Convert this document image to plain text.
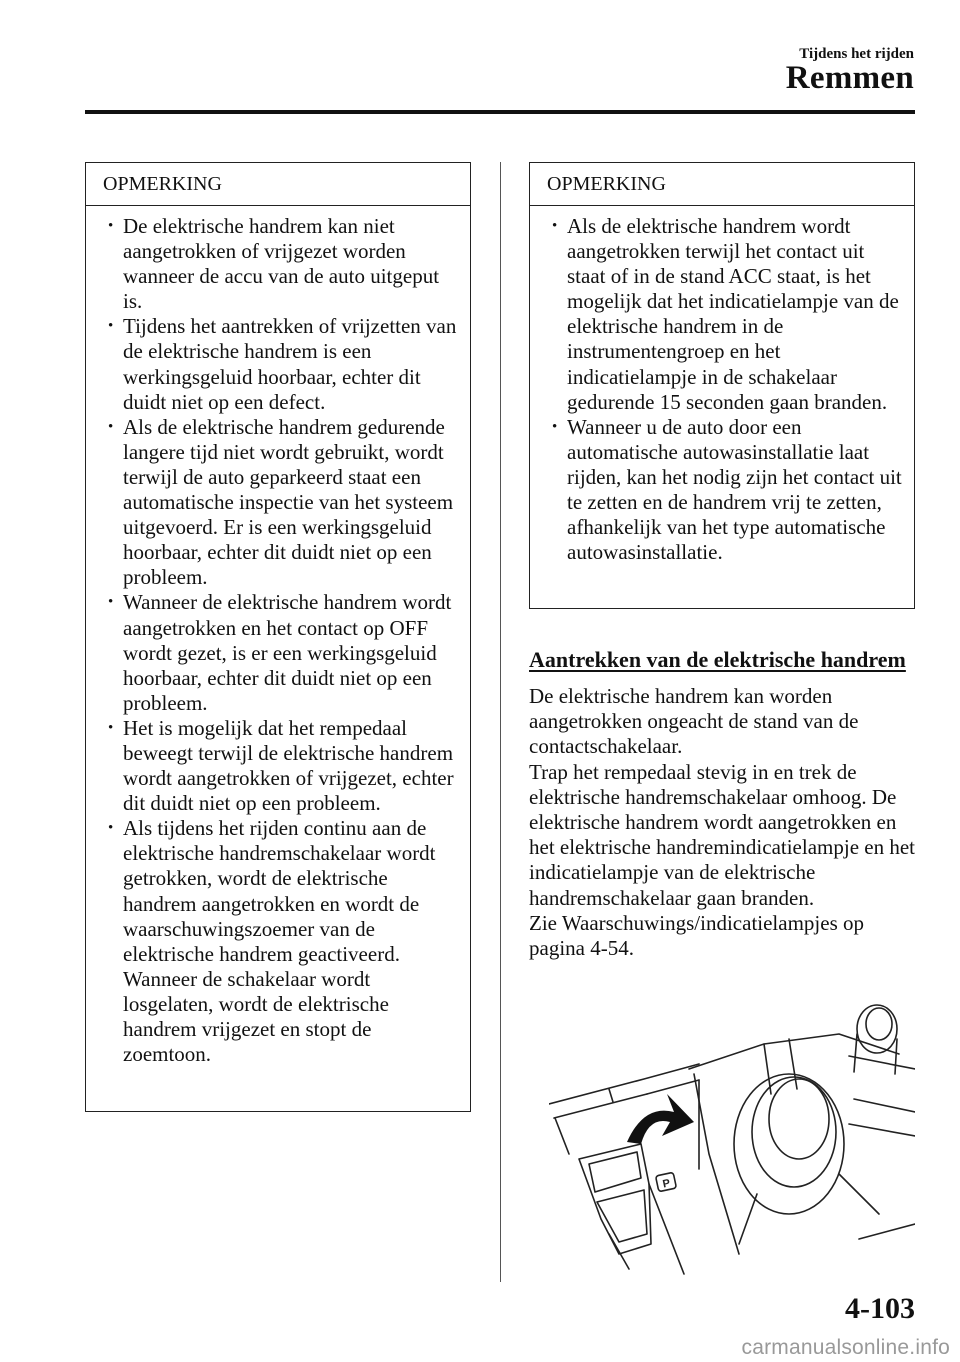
Tijdens het rijden
Remmen
OPMERKING
• De elektrische handrem kan niet aangetrokken of vrijgezet worden wanneer de accu van de auto uitgeput is.
• Tijdens het aantrekken of vrijzetten van de elektrische handrem is een werkingsgeluid hoorbaar, echter dit duidt niet op een defect.
• Als de elektrische handrem gedurende langere tijd niet wordt gebruikt, wordt terwijl de auto geparkeerd staat een automatische inspectie van het systeem uitgevoerd. Er is een werkingsgeluid hoorbaar, echter dit duidt niet op een probleem.
• Wanneer de elektrische handrem wordt aangetrokken en het contact op OFF wordt gezet, is er een werkingsgeluid hoorbaar, echter dit duidt niet op een probleem.
• Het is mogelijk dat het rempedaal beweegt terwijl de elektrische handrem wordt aangetrokken of vrijgezet, echter dit duidt niet op een probleem.
• Als tijdens het rijden continu aan de elektrische handremschakelaar wordt getrokken, wordt de elektrische handrem aangetrokken en wordt de waarschuwingszoemer van de elektrische handrem geactiveerd. Wanneer de schakelaar wordt losgelaten, wordt de elektrische handrem vrijgezet en stopt de zoemtoon.
OPMERKING
• Als de elektrische handrem wordt aangetrokken terwijl het contact uit staat of in de stand ACC staat, is het mogelijk dat het indicatielampje van de elektrische handrem in de instrumentengroep en het indicatielampje in de schakelaar gedurende 15 seconden gaan branden.
• Wanneer u de auto door een automatische autowasinstallatie laat rijden, kan het nodig zijn het contact uit te zetten en de handrem vrij te zetten, afhankelijk van het type automatische autowasinstallatie.
Aantrekken van de elektrische handrem

De elektrische handrem kan worden aangetrokken ongeacht de stand van de contactschakelaar.

Trap het rempedaal stevig in en trek de elektrische handremschakelaar omhoog. De elektrische handrem wordt aangetrokken en het elektrische handremindicatielampje en het indicatielampje van de elektrische handremschakelaar gaan branden.

Zie Waarschuwings/indicatielampjes op pagina 4-54.

P
4-103
carmanualsonline.info
